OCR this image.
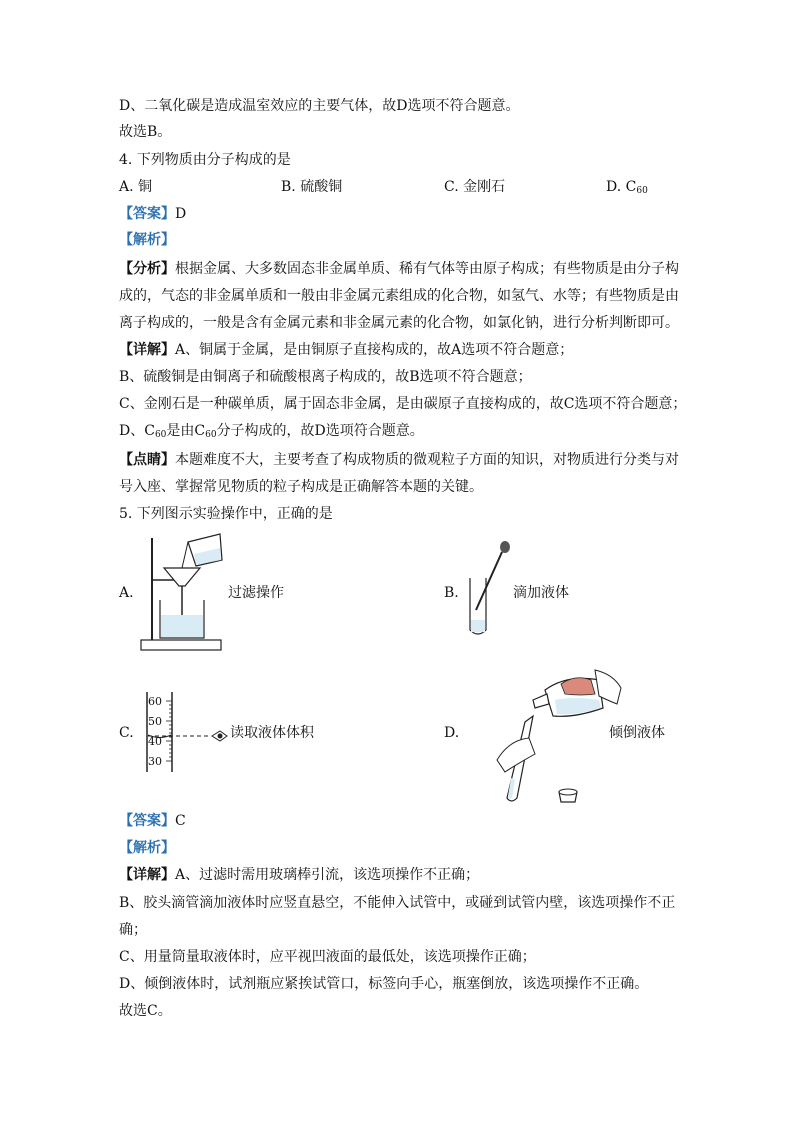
D、二氧化碳是造成温室效应的主要气体，故D选项不符合题意。
故选B。
4. 下列物质由分子构成的是
A. 铜	B. 硫酸铜	C. 金刚石	D. $C_{60}$
【答案】D
【解析】
【分析】根据金属、大多数固态非金属单质、稀有气体等由原子构成；有些物质是由分子构
成的，气态的非金属单质和一般由非金属元素组成的化合物，如氢气、水等；有些物质是由
离子构成的，一般是含有金属元素和非金属元素的化合物，如氯化钠，进行分析判断即可。
【详解】A、铜属于金属，是由铜原子直接构成的，故A选项不符合题意；
B、硫酸铜是由铜离子和硫酸根离子构成的，故B选项不符合题意；
C、金刚石是一种碳单质，属于固态非金属，是由碳原子直接构成的，故C选项不符合题意；
D、$C_{60}$是由$C_{60}$分子构成的，故D选项符合题意。
【点睛】本题难度不大，主要考查了构成物质的微观粒子方面的知识，对物质进行分类与对
号入座、掌握常见物质的粒子构成是正确解答本题的关键。
5. 下列图示实验操作中，正确的是
A.	过滤操作	B.	滴加液体
C.
60
50
40
30
读取液体体积	D.	倾倒液体
【答案】C
【解析】
【详解】A、过滤时需用玻璃棒引流，该选项操作不正确；
B、胶头滴管滴加液体时应竖直悬空，不能伸入试管中，或碰到试管内壁，该选项操作不正
确；
C、用量筒量取液体时，应平视凹液面的最低处，该选项操作正确；
D、倾倒液体时，试剂瓶应紧挨试管口，标签向手心，瓶塞倒放，该选项操作不正确。
故选C。
